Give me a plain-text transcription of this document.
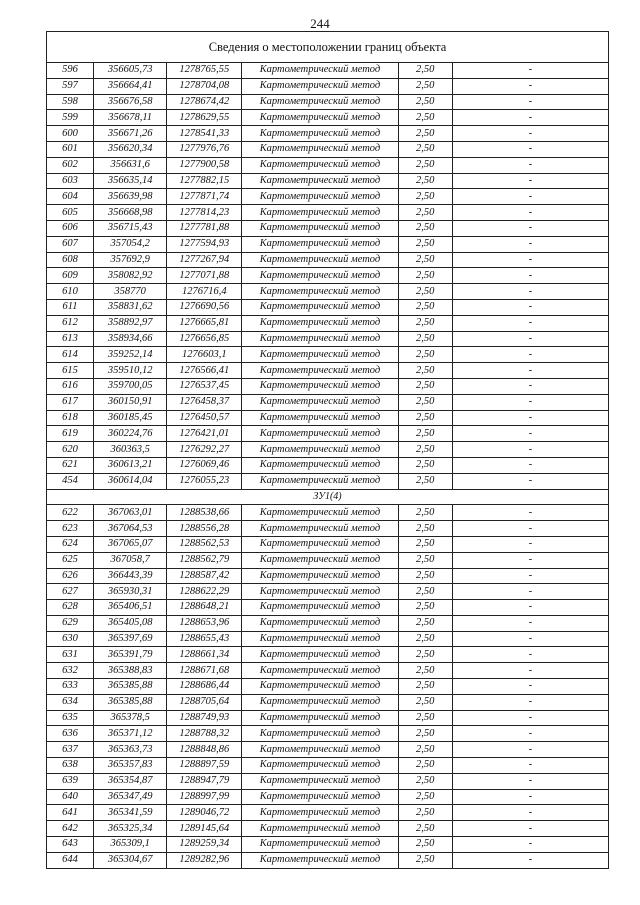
244
Сведения о местоположении границ объекта					
596	356605,73	1278765,55	Картометрический метод	2,50	-
597	356664,41	1278704,08	Картометрический метод	2,50	-
598	356676,58	1278674,42	Картометрический метод	2,50	-
599	356678,11	1278629,55	Картометрический метод	2,50	-
600	356671,26	1278541,33	Картометрический метод	2,50	-
601	356620,34	1277976,76	Картометрический метод	2,50	-
602	356631,6	1277900,58	Картометрический метод	2,50	-
603	356635,14	1277882,15	Картометрический метод	2,50	-
604	356639,98	1277871,74	Картометрический метод	2,50	-
605	356668,98	1277814,23	Картометрический метод	2,50	-
606	356715,43	1277781,88	Картометрический метод	2,50	-
607	357054,2	1277594,93	Картометрический метод	2,50	-
608	357692,9	1277267,94	Картометрический метод	2,50	-
609	358082,92	1277071,88	Картометрический метод	2,50	-
610	358770	1276716,4	Картометрический метод	2,50	-
611	358831,62	1276690,56	Картометрический метод	2,50	-
612	358892,97	1276665,81	Картометрический метод	2,50	-
613	358934,66	1276656,85	Картометрический метод	2,50	-
614	359252,14	1276603,1	Картометрический метод	2,50	-
615	359510,12	1276566,41	Картометрический метод	2,50	-
616	359700,05	1276537,45	Картометрический метод	2,50	-
617	360150,91	1276458,37	Картометрический метод	2,50	-
618	360185,45	1276450,57	Картометрический метод	2,50	-
619	360224,76	1276421,01	Картометрический метод	2,50	-
620	360363,5	1276292,27	Картометрический метод	2,50	-
621	360613,21	1276069,46	Картометрический метод	2,50	-
454	360614,04	1276055,23	Картометрический метод	2,50	-
ЗУ1(4)					
622	367063,01	1288538,66	Картометрический метод	2,50	-
623	367064,53	1288556,28	Картометрический метод	2,50	-
624	367065,07	1288562,53	Картометрический метод	2,50	-
625	367058,7	1288562,79	Картометрический метод	2,50	-
626	366443,39	1288587,42	Картометрический метод	2,50	-
627	365930,31	1288622,29	Картометрический метод	2,50	-
628	365406,51	1288648,21	Картометрический метод	2,50	-
629	365405,08	1288653,96	Картометрический метод	2,50	-
630	365397,69	1288655,43	Картометрический метод	2,50	-
631	365391,79	1288661,34	Картометрический метод	2,50	-
632	365388,83	1288671,68	Картометрический метод	2,50	-
633	365385,88	1288686,44	Картометрический метод	2,50	-
634	365385,88	1288705,64	Картометрический метод	2,50	-
635	365378,5	1288749,93	Картометрический метод	2,50	-
636	365371,12	1288788,32	Картометрический метод	2,50	-
637	365363,73	1288848,86	Картометрический метод	2,50	-
638	365357,83	1288897,59	Картометрический метод	2,50	-
639	365354,87	1288947,79	Картометрический метод	2,50	-
640	365347,49	1288997,99	Картометрический метод	2,50	-
641	365341,59	1289046,72	Картометрический метод	2,50	-
642	365325,34	1289145,64	Картометрический метод	2,50	-
643	365309,1	1289259,34	Картометрический метод	2,50	-
644	365304,67	1289282,96	Картометрический метод	2,50	-
